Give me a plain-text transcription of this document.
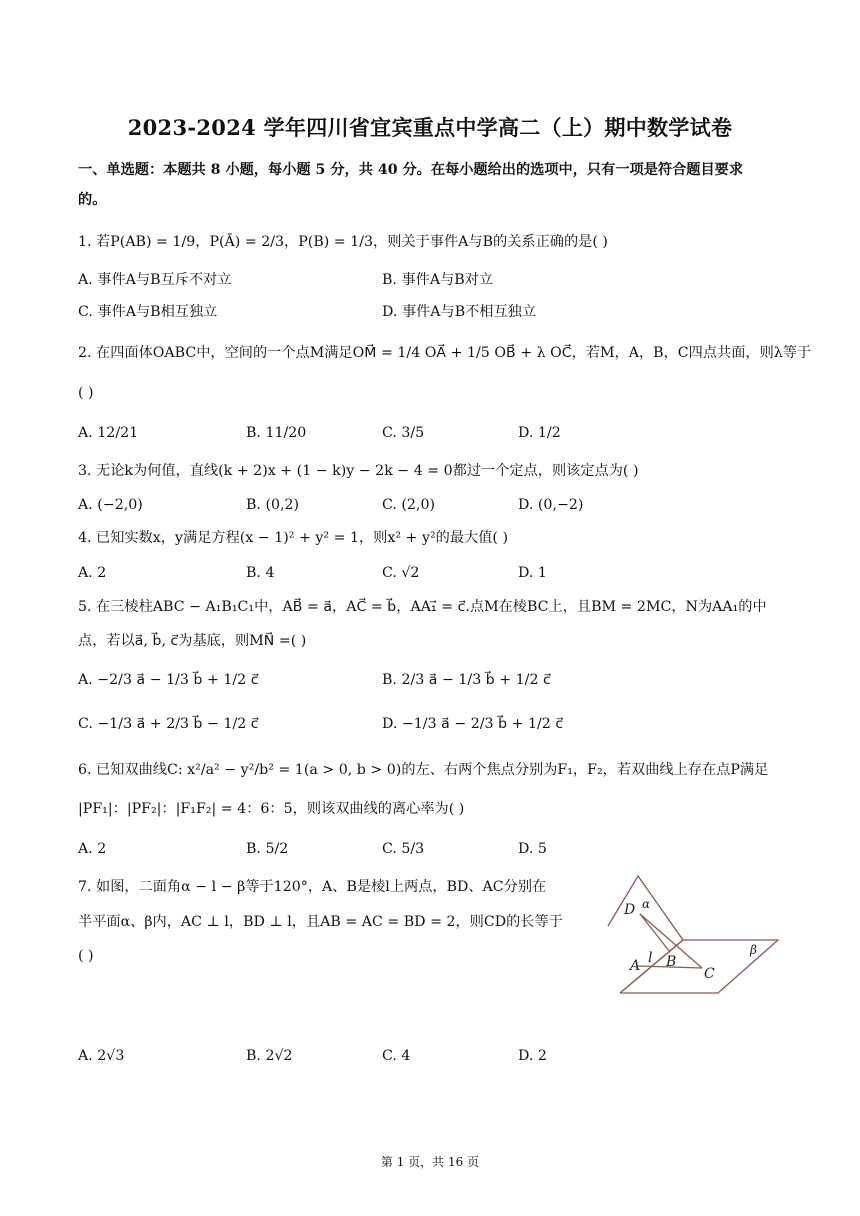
2023-2024 学年四川省宜宾重点中学高二（上）期中数学试卷
一、单选题：本题共 8 小题，每小题 5 分，共 40 分。在每小题给出的选项中，只有一项是符合题目要求
的。
1. 若P(AB) = 1/9，P(Ā) = 2/3，P(B) = 1/3，则关于事件A与B的关系正确的是( )
A. 事件A与B互斥不对立	B. 事件A与B对立
C. 事件A与B相互独立	D. 事件A与B不相互独立
2. 在四面体OABC中，空间的一个点M满足OM⃗ = 1/4 OA⃗ + 1/5 OB⃗ + λ OC⃗，若M，A，B，C四点共面，则λ等于
( )
A. 12/21	B. 11/20	C. 3/5	D. 1/2
3. 无论k为何值，直线(k + 2)x + (1 − k)y − 2k − 4 = 0都过一个定点，则该定点为( )
A. (−2,0)	B. (0,2)	C. (2,0)	D. (0,−2)
4. 已知实数x，y满足方程(x − 1)² + y² = 1，则x² + y²的最大值( )
A. 2	B. 4	C. √2	D. 1
5. 在三棱柱ABC − A₁B₁C₁中，AB⃗ = a⃗，AC⃗ = b⃗，AA₁⃗ = c⃗.点M在棱BC上，且BM = 2MC，N为AA₁的中
点，若以a⃗, b⃗, c⃗为基底，则MN⃗ =( )
A. −2/3 a⃗ − 1/3 b⃗ + 1/2 c⃗	B. 2/3 a⃗ − 1/3 b⃗ + 1/2 c⃗
C. −1/3 a⃗ + 2/3 b⃗ − 1/2 c⃗	D. −1/3 a⃗ − 2/3 b⃗ + 1/2 c⃗
6. 已知双曲线C: x²/a² − y²/b² = 1(a > 0, b > 0)的左、右两个焦点分别为F₁，F₂，若双曲线上存在点P满足
|PF₁|：|PF₂|：|F₁F₂| = 4：6：5，则该双曲线的离心率为( )
A. 2	B. 5/2	C. 5/3	D. 5
7. 如图，二面角α − l − β等于120°，A、B是棱l上两点，BD、AC分别在
半平面α、β内，AC ⊥ l，BD ⊥ l，且AB = AC = BD = 2，则CD的长等于
( )
D α
A l B
C
β
A. 2√3	B. 2√2	C. 4	D. 2
第 1 页，共 16 页
